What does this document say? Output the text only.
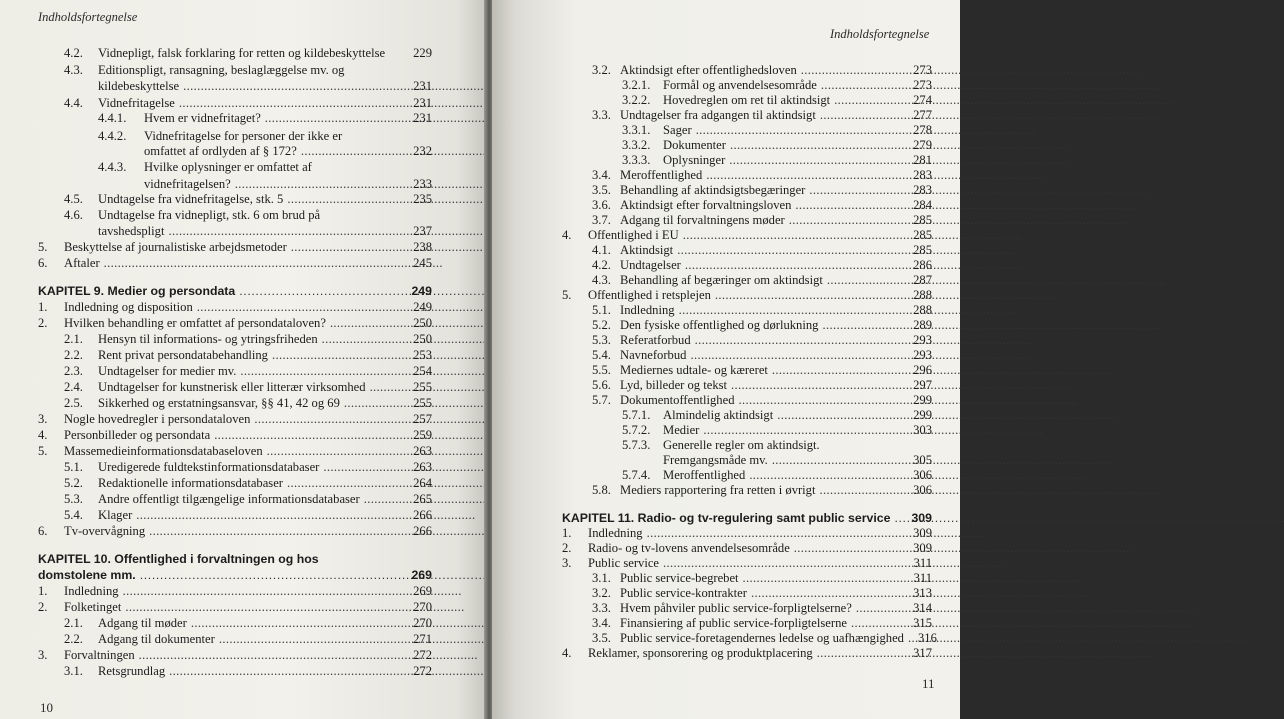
Indholdsfortegnelse
4.2.	Vidnepligt, falsk forklaring for retten og kildebeskyttelse 229
4.3.	Editionspligt, ransagning, beslaglæggelse mv. og
kildebeskyttelse . . .	231
4.4.	Vidnefritagelse . . .	231
4.4.1.	Hvem er vidnefritaget? . . .	231
4.4.2.	Vidnefritagelse for personer der ikke er
omfattet af ordlyden af § 172? . . .	232
4.4.3.	Hvilke oplysninger er omfattet af
vidnefritagelsen? . . .	233
4.5.	Undtagelse fra vidnefritagelse, stk. 5 . . .	235
4.6.	Undtagelse fra vidnepligt, stk. 6 om brud på
tavshedspligt . . .	237
5.	Beskyttelse af journalistiske arbejdsmetoder . . .	238
6.	Aftaler . . .	245
KAPITEL 9. Medier og persondata . . .	249
1.	Indledning og disposition . . .	249
2.	Hvilken behandling er omfattet af persondataloven? . . .	250
2.1.	Hensyn til informations- og ytringsfriheden . . .	250
2.2.	Rent privat persondatabehandling . . .	253
2.3.	Undtagelser for medier mv. . . .	254
2.4.	Undtagelser for kunstnerisk eller litterær virksomhed . . .	255
2.5.	Sikkerhed og erstatningsansvar, §§ 41, 42 og 69 . . .	255
3.	Nogle hovedregler i persondataloven . . .	257
4.	Personbilleder og persondata . . .	259
5.	Massemedieinformationsdatabaseloven . . .	263
5.1.	Uredigerede fuldtekstinformationsdatabaser . . .	263
5.2.	Redaktionelle informationsdatabaser . . .	264
5.3.	Andre offentligt tilgængelige informationsdatabaser . . .	265
5.4.	Klager . . .	266
6.	Tv-overvågning . . .	266
KAPITEL 10. Offentlighed i forvaltningen og hos
domstolene mm. . . .	269
1.	Indledning . . .	269
2.	Folketinget . . .	270
2.1.	Adgang til møder . . .	270
2.2.	Adgang til dokumenter . . .	271
3.	Forvaltningen . . .	272
3.1.	Retsgrundlag . . .	272
10
Indholdsfortegnelse
3.2. Aktindsigt efter offentlighedsloven . . .	273
3.2.1.	Formål og anvendelsesområde . . .	273
3.2.2.	Hovedreglen om ret til aktindsigt . . .	274
3.3. Undtagelser fra adgangen til aktindsigt . . .	277
3.3.1.	Sager . . .	278
3.3.2.	Dokumenter . . .	279
3.3.3.	Oplysninger . . .	281
3.4. Meroffentlighed . . .	283
3.5. Behandling af aktindsigtsbegæringer . . .	283
3.6. Aktindsigt efter forvaltningsloven . . .	284
3.7. Adgang til forvaltningens møder . . .	285
4.	Offentlighed i EU . . .	285
4.1. Aktindsigt . . .	285
4.2. Undtagelser . . .	286
4.3. Behandling af begæringer om aktindsigt . . .	287
5.	Offentlighed i retsplejen . . .	288
5.1. Indledning . . .	288
5.2. Den fysiske offentlighed og dørlukning . . .	289
5.3. Referatforbud . . .	293
5.4. Navneforbud . . .	293
5.5. Mediernes udtale- og kæreret . . .	296
5.6. Lyd, billeder og tekst . . .	297
5.7. Dokumentoffentlighed . . .	299
5.7.1.	Almindelig aktindsigt . . .	299
5.7.2.	Medier . . .	303
5.7.3.	Generelle regler om aktindsigt.
Fremgangsmåde mv. . . .	305
5.7.4.	Meroffentlighed . . .	306
5.8. Mediers rapportering fra retten i øvrigt . . .	306
KAPITEL 11. Radio- og tv-regulering samt public service . . . 309
1.	Indledning . . .	309
2.	Radio- og tv-lovens anvendelsesområde . . .	309
3.	Public service . . .	311
3.1. Public service-begrebet . . .	311
3.2. Public service-kontrakter . . .	313
3.3. Hvem påhviler public service-forpligtelserne? . . .	314
3.4. Finansiering af public service-forpligtelserne . . .	315
3.5. Public service-foretagendernes ledelse og uafhængighed . . . 316
4.	Reklamer, sponsorering og produktplacering . . .	317
11
